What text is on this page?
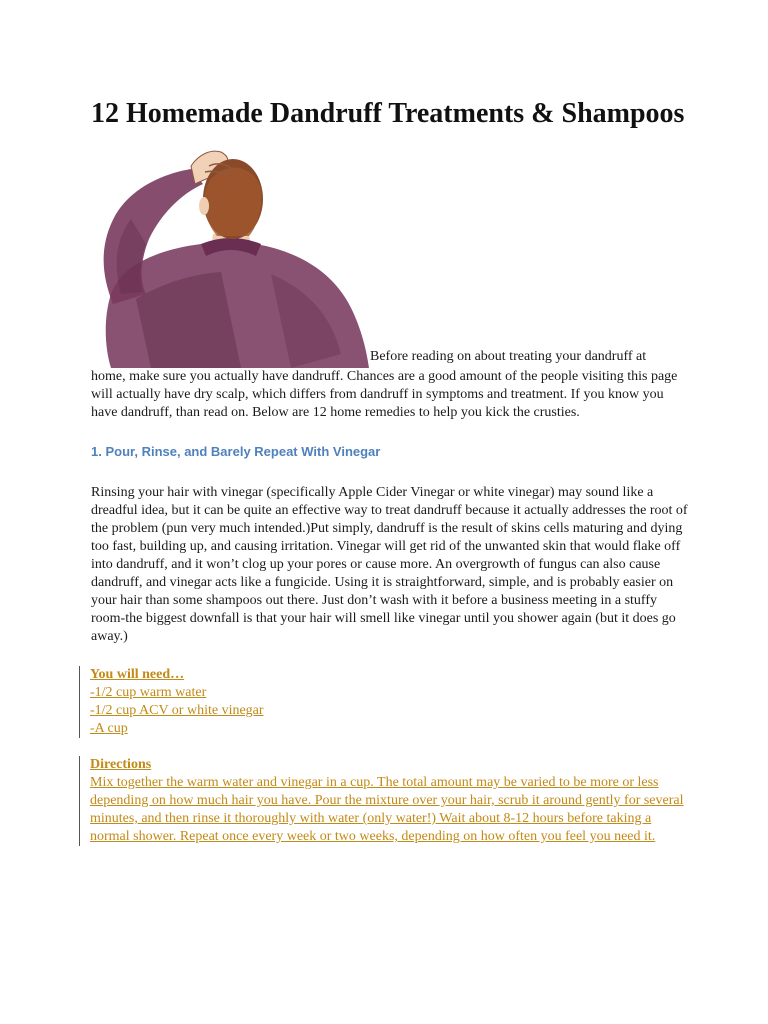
12 Homemade Dandruff Treatments & Shampoos

Before reading on about treating your dandruff at

home, make sure you actually have dandruff. Chances are a good amount of the people visiting this page will actually have dry scalp, which differs from dandruff in symptoms and treatment. If you know you have dandruff, than read on. Below are 12 home remedies to help you kick the crusties.

1. Pour, Rinse, and Barely Repeat With Vinegar

Rinsing your hair with vinegar (specifically Apple Cider Vinegar or white vinegar) may sound like a dreadful idea, but it can be quite an effective way to treat dandruff because it actually addresses the root of the problem (pun very much intended.)Put simply, dandruff is the result of skins cells maturing and dying too fast, building up, and causing irritation. Vinegar will get rid of the unwanted skin that would flake off into dandruff, and it won’t clog up your pores or cause more. An overgrowth of fungus can also cause dandruff, and vinegar acts like a fungicide. Using it is straightforward, simple, and is probably easier on your hair than some shampoos out there. Just don’t wash with it before a business meeting in a stuffy room-the biggest downfall is that your hair will smell like vinegar until you shower again (but it does go away.)

You will need…
-1/2 cup warm water
-1/2 cup ACV or white vinegar
-A cup
Directions
Mix together the warm water and vinegar in a cup. The total amount may be varied to be more or less depending on how much hair you have. Pour the mixture over your hair, scrub it around gently for several minutes, and then rinse it thoroughly with water (only water!) Wait about 8-12 hours before taking a normal shower. Repeat once every week or two weeks, depending on how often you feel you need it.
